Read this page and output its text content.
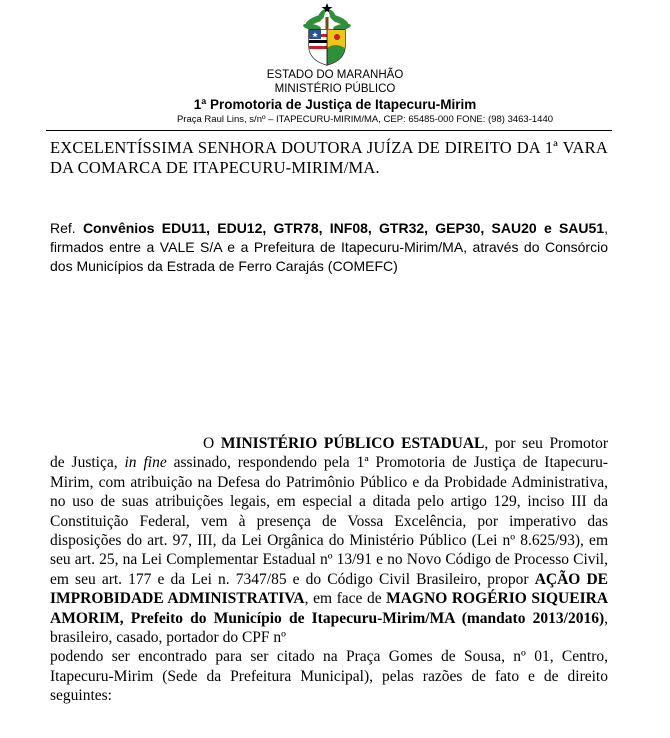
ESTADO DO MARANHÃO
MINISTÉRIO PÚBLICO
1ª Promotoria de Justiça de Itapecuru-Mirim
Praça Raul Lins, s/nº – ITAPECURU-MIRIM/MA, CEP: 65485-000 FONE: (98) 3463-1440
EXCELENTÍSSIMA SENHORA DOUTORA JUÍZA DE DIREITO DA 1ª VARA DA COMARCA DE ITAPECURU-MIRIM/MA.
Ref. Convênios EDU11, EDU12, GTR78, INF08, GTR32, GEP30, SAU20 e SAU51, firmados entre a VALE S/A e a Prefeitura de Itapecuru-Mirim/MA, através do Consórcio dos Municípios da Estrada de Ferro Carajás (COMEFC)
O MINISTÉRIO PÚBLICO ESTADUAL, por seu Promotor de Justiça, in fine assinado, respondendo pela 1ª Promotoria de Justiça de Itapecuru-Mirim, com atribuição na Defesa do Patrimônio Público e da Probidade Administrativa, no uso de suas atribuições legais, em especial a ditada pelo artigo 129, inciso III da Constituição Federal, vem à presença de Vossa Excelência, por imperativo das disposições do art. 97, III, da Lei Orgânica do Ministério Público (Lei nº 8.625/93), em seu art. 25, na Lei Complementar Estadual nº 13/91 e no Novo Código de Processo Civil, em seu art. 177 e da Lei n. 7347/85 e do Código Civil Brasileiro, propor AÇÃO DE IMPROBIDADE ADMINISTRATIVA, em face de MAGNO ROGÉRIO SIQUEIRA AMORIM, Prefeito do Município de Itapecuru-Mirim/MA (mandato 2013/2016), brasileiro, casado, portador do CPF nº
podendo ser encontrado para ser citado na Praça Gomes de Sousa, nº 01, Centro, Itapecuru-Mirim (Sede da Prefeitura Municipal), pelas razões de fato e de direito seguintes:
